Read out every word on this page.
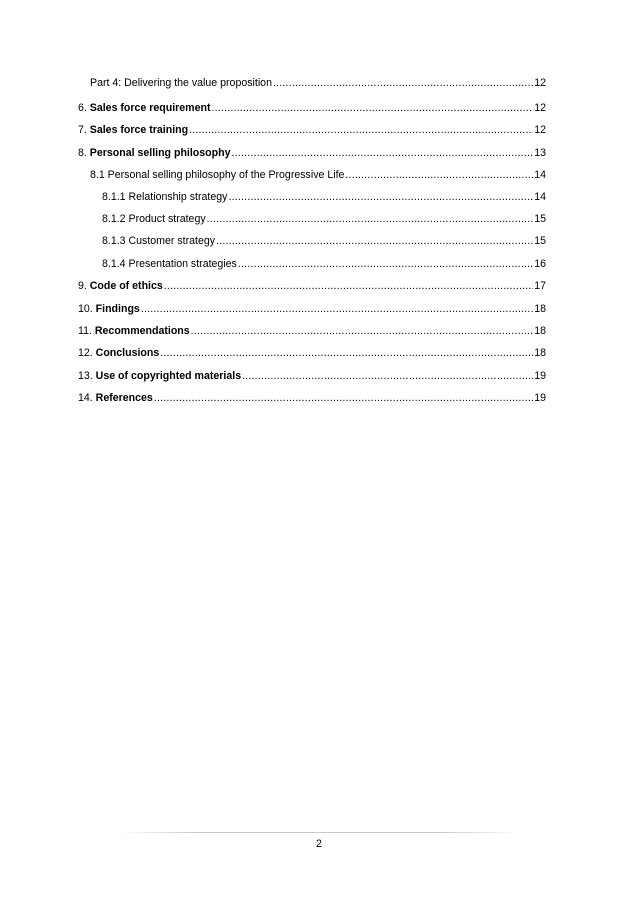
Part 4: Delivering the value proposition .....	12
6. Sales force requirement .....	12
7. Sales force training .....	12
8. Personal selling philosophy .....	13
8.1 Personal selling philosophy of the Progressive Life .....	14
8.1.1 Relationship strategy .....	14
8.1.2 Product strategy .....	15
8.1.3 Customer strategy .....	15
8.1.4 Presentation strategies .....	16
9. Code of ethics .....	17
10. Findings .....	18
11. Recommendations .....	18
12. Conclusions .....	18
13. Use of copyrighted materials .....	19
14. References .....	19
2
